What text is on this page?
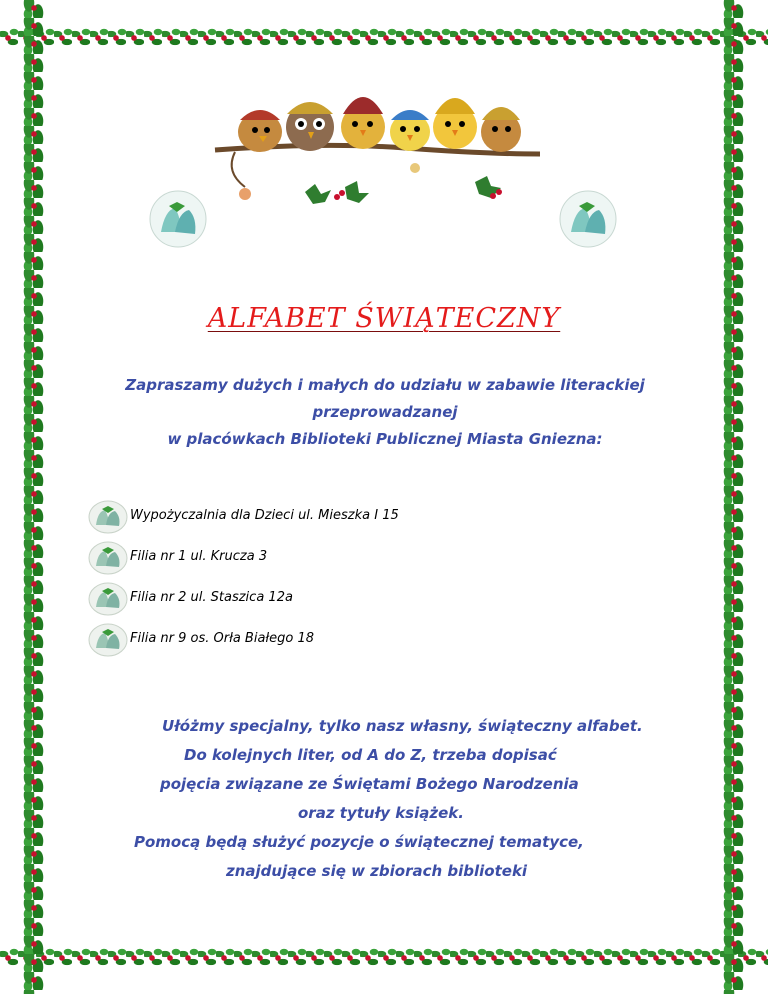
ALFABET ŚWIĄTECZNY
Zapraszamy dużych i małych do udziału w zabawie literackiej
przeprowadzanej
w placówkach Biblioteki Publicznej Miasta Gniezna:
Wypożyczalnia dla Dzieci ul. Mieszka I 15
Filia nr 1 ul. Krucza 3
Filia nr 2 ul. Staszica 12a
Filia nr 9 os. Orła Białego 18
Ułóżmy specjalny, tylko nasz własny, świąteczny alfabet.
Do kolejnych liter, od A do Z, trzeba dopisać
pojęcia związane ze Świętami Bożego Narodzenia
oraz tytuły książek.
Pomocą będą służyć pozycje o świątecznej tematyce,
znajdujące się w zbiorach biblioteki
